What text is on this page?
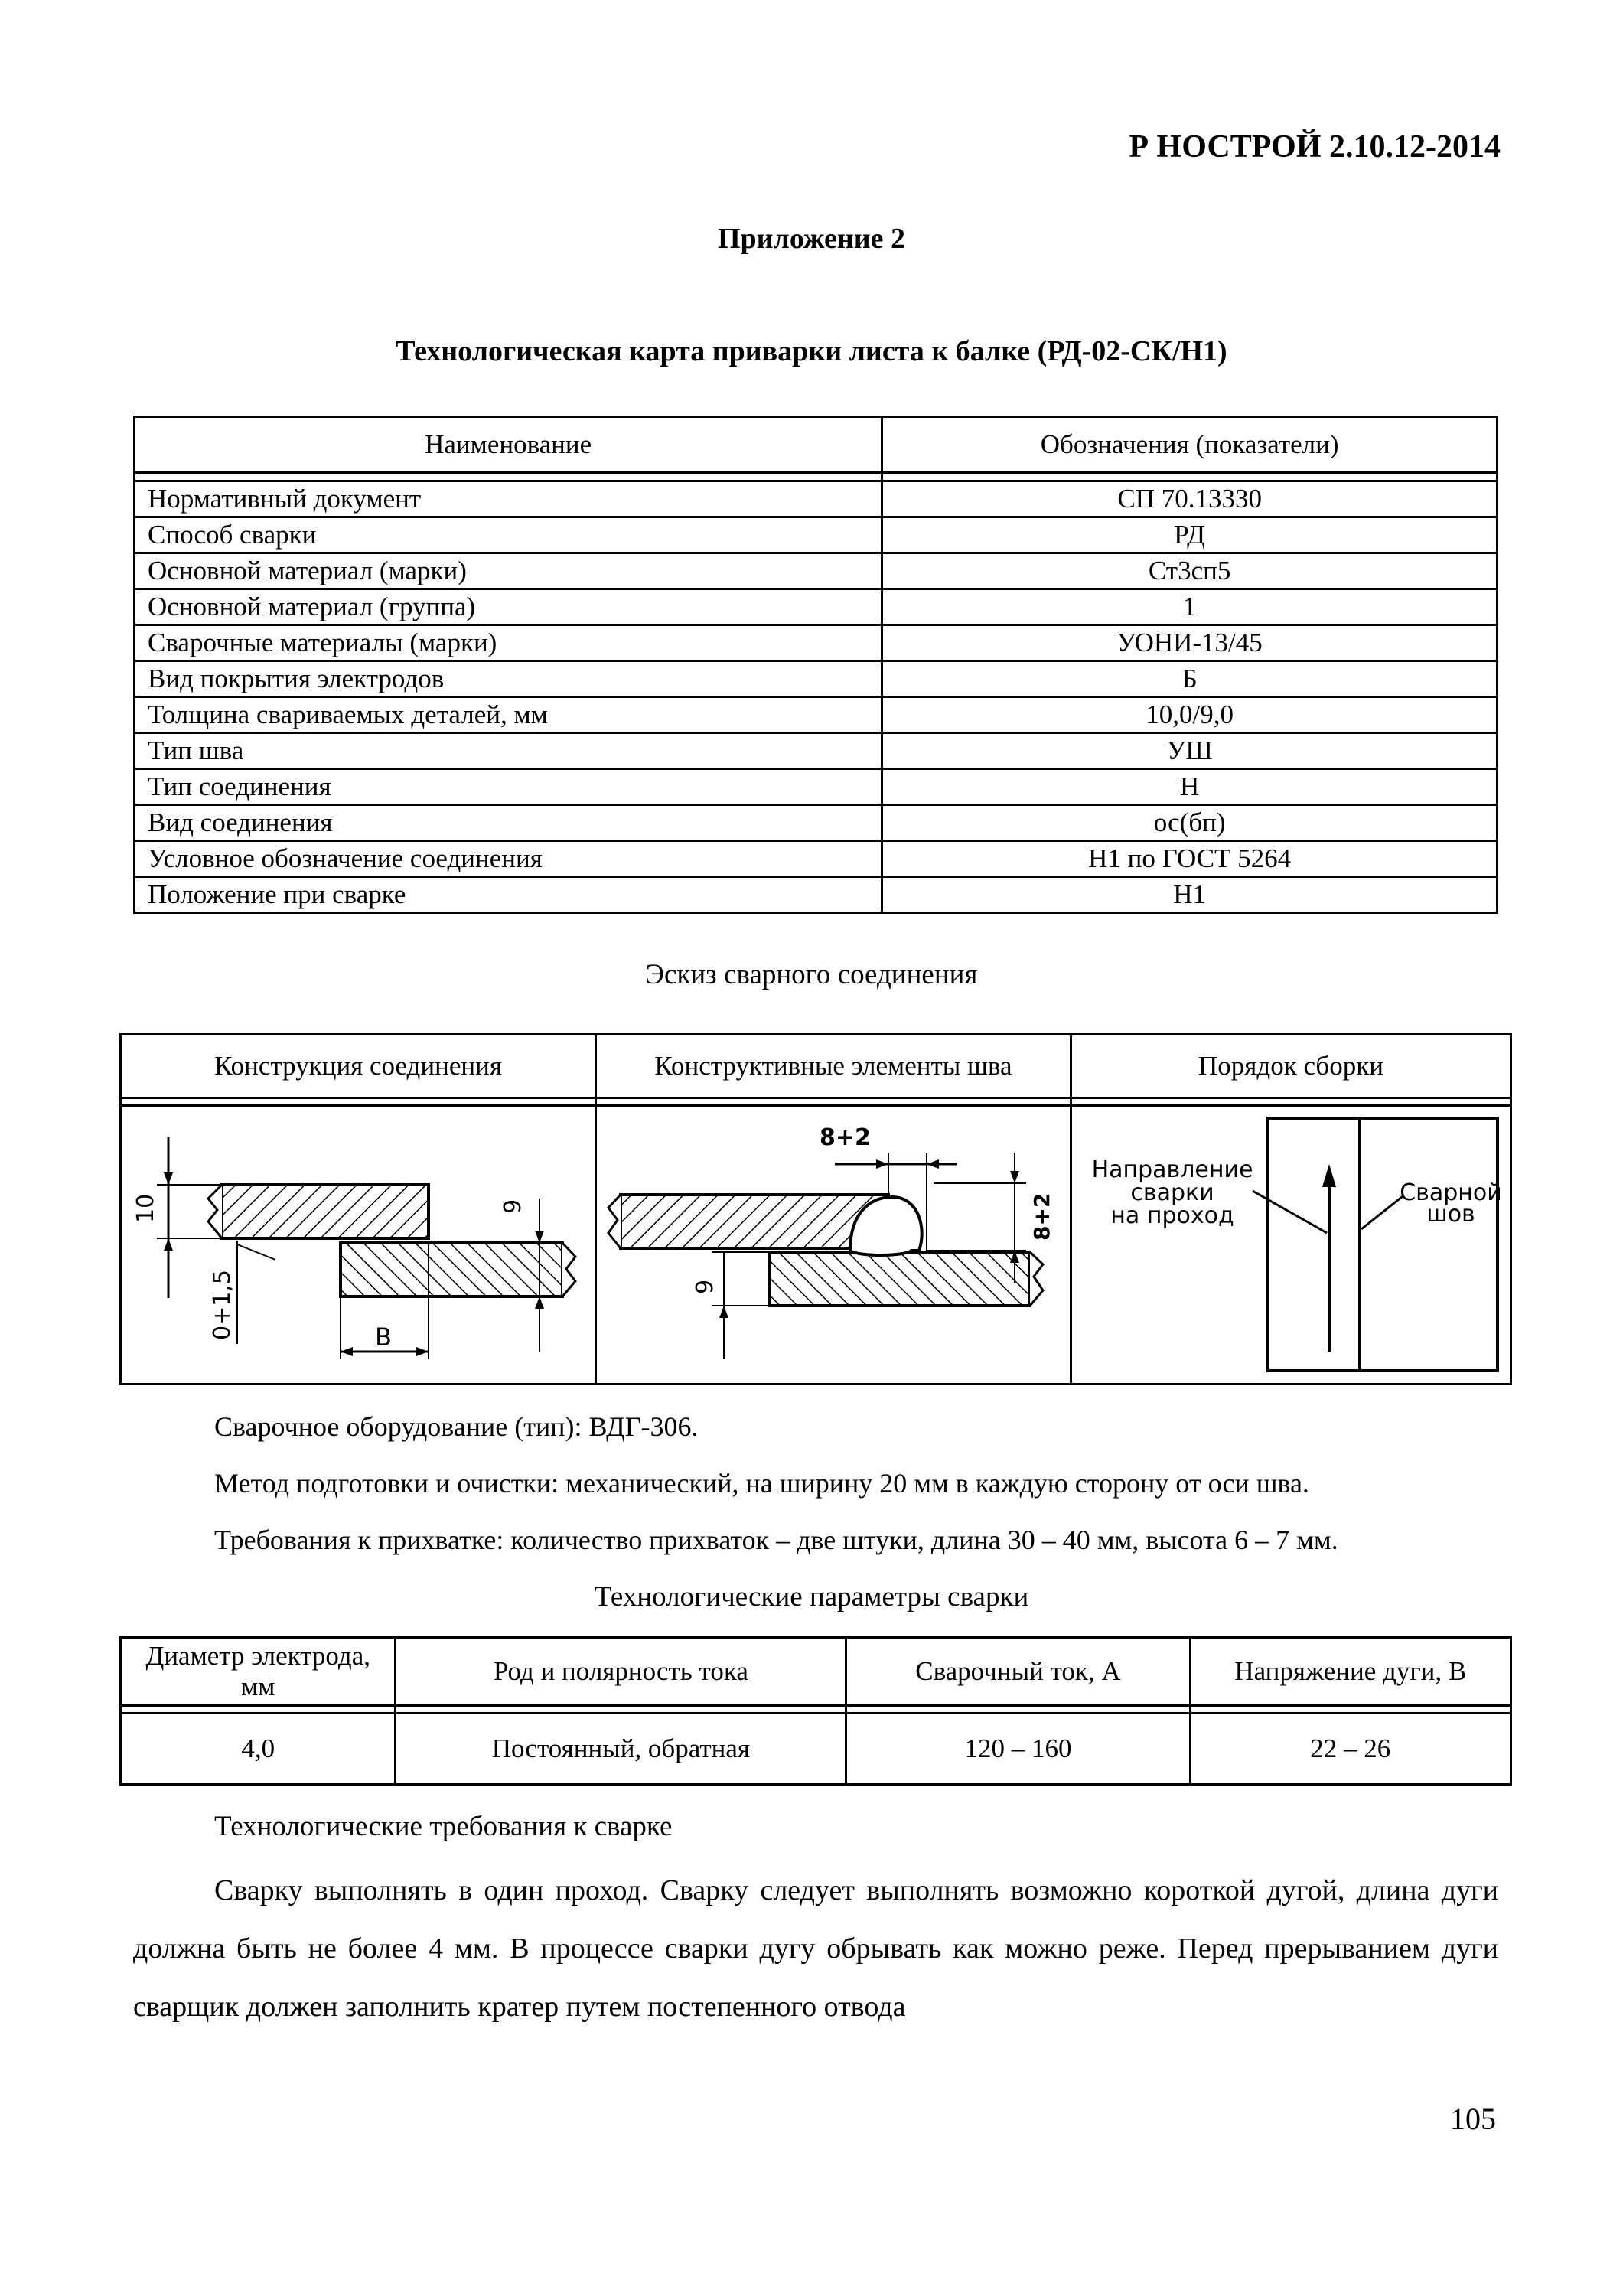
Р НОСТРОЙ 2.10.12-2014
Приложение 2
Технологическая карта приварки листа к балке (РД-02-СК/Н1)
Наименование	Обозначения (показатели)

Нормативный документ	СП 70.13330
Способ сварки	РД
Основной материал (марки)	Ст3сп5
Основной материал (группа)	1
Сварочные материалы (марки)	УОНИ-13/45
Вид покрытия электродов	Б
Толщина свариваемых деталей, мм	10,0/9,0
Тип шва	УШ
Тип соединения	Н
Вид соединения	ос(бп)
Условное обозначение соединения	Н1 по ГОСТ 5264
Положение при сварке	Н1
Эскиз сварного соединения
Конструкция соединения	Конструктивные элементы шва	Порядок сборки

10
0+1,5 B
9	8+2
8+2
9	Направление
сварки
на проход
Сварной
шов
Сварочное оборудование (тип): ВДГ-306.
Метод подготовки и очистки: механический, на ширину 20 мм в каждую сторону от оси шва.
Требования к прихватке: количество прихваток – две штуки, длина 30 – 40 мм, высота 6 – 7 мм.
Технологические параметры сварки
Диаметр электрода, мм	Род и полярность тока	Сварочный ток, А	Напряжение дуги, В

4,0	Постоянный, обратная	120 – 160	22 – 26
Технологические требования к сварке
Сварку выполнять в один проход. Сварку следует выполнять возможно короткой дугой, длина дуги должна быть не более 4 мм. В процессе сварки дугу обрывать как можно реже. Перед прерыванием дуги сварщик должен заполнить кратер путем постепенного отвода
105
